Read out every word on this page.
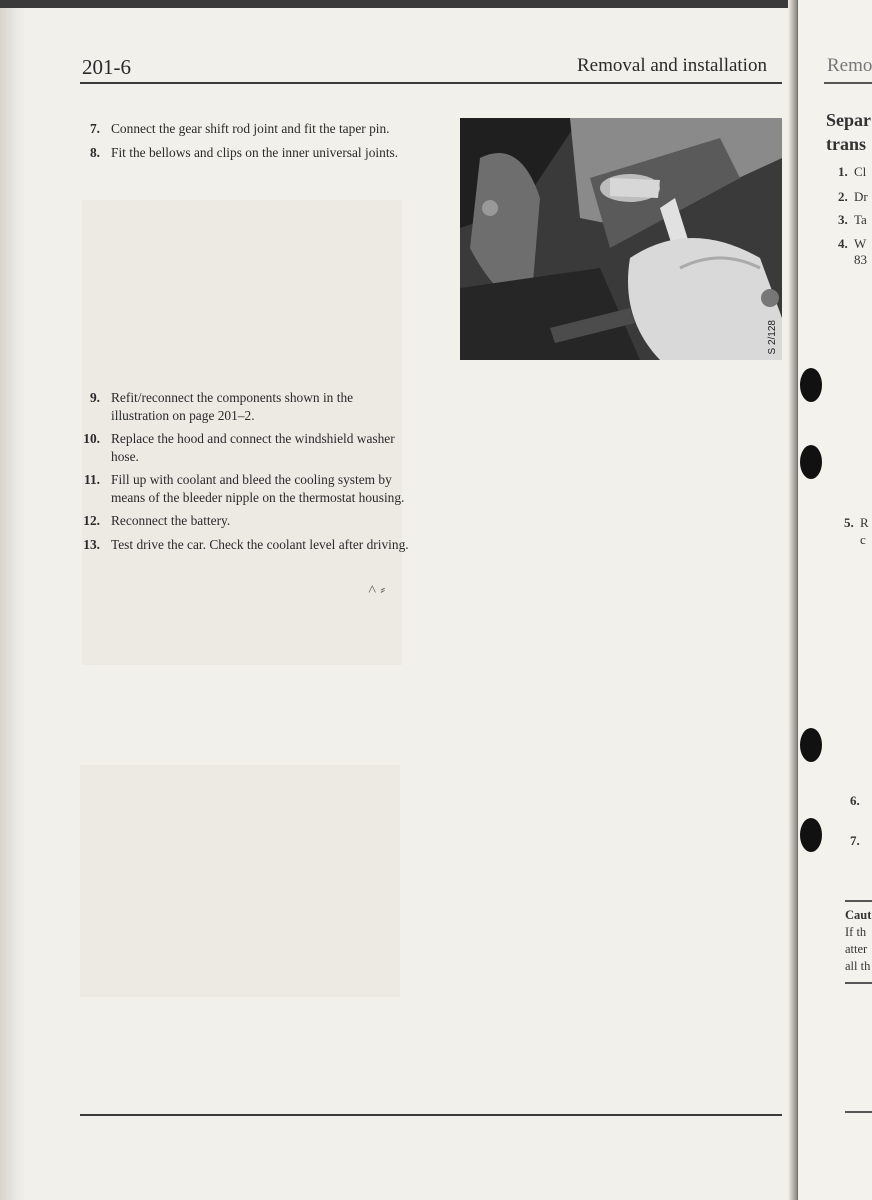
201-6	Removal and installation
7. Connect the gear shift rod joint and fit the taper pin.
8. Fit the bellows and clips on the inner universal joints.
S 2/128
9. Refit/reconnect the components shown in the illustration on page 201–2.
10. Replace the hood and connect the windshield washer hose.
11. Fill up with coolant and bleed the cooling system by means of the bleeder nipple on the thermostat housing.
12. Reconnect the battery.
13. Test drive the car. Check the coolant level after driving.
˄ ⸗
Remo
Separ
trans
1. Cl
2. Dr
3. Ta
4. W
83
5. R
c
6.
7.
Caut
If th
atter
all th
